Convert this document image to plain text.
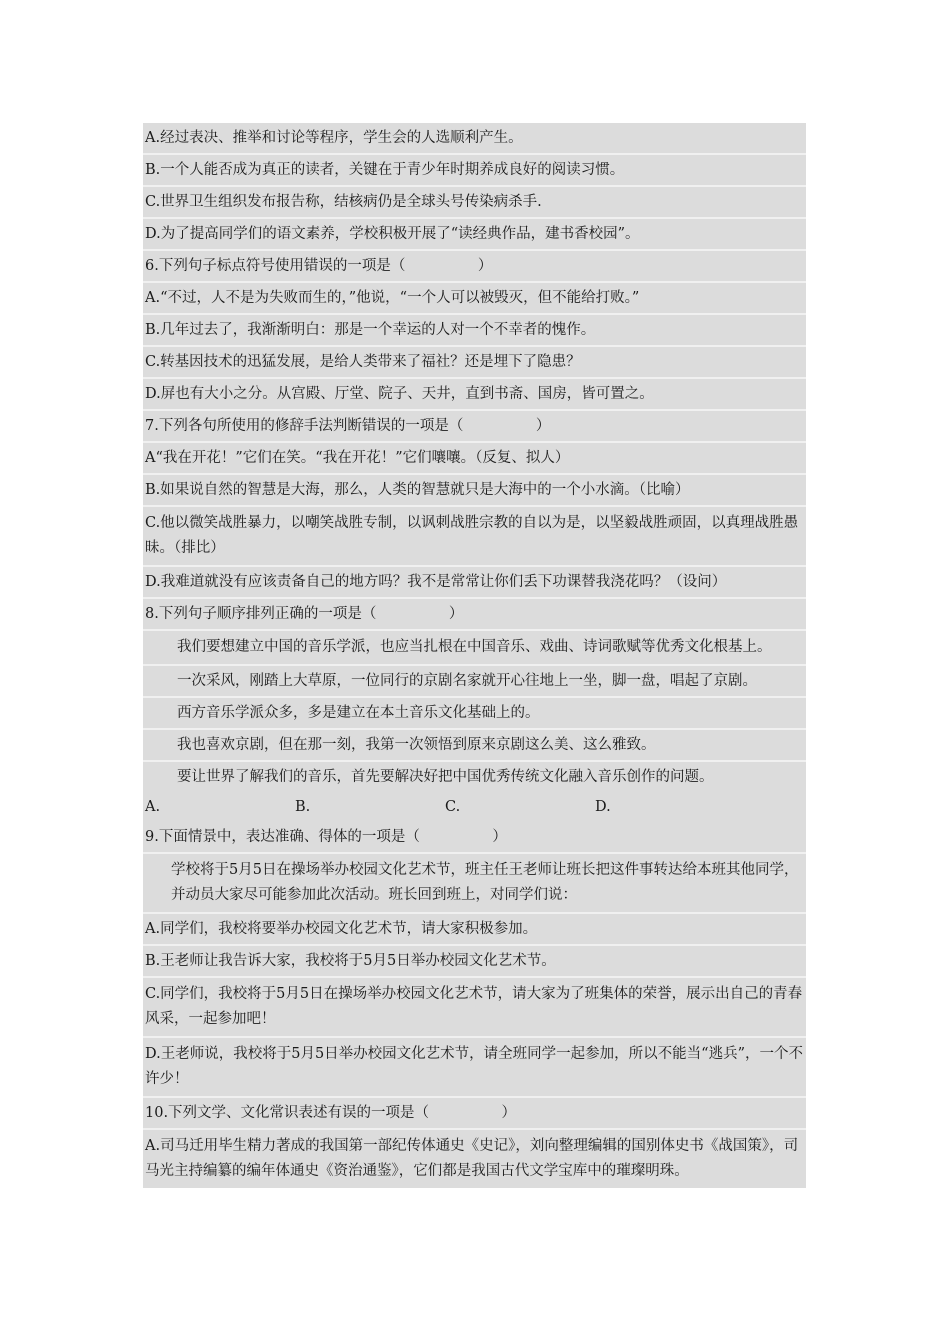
A.经过表决、推举和讨论等程序，学生会的人选顺利产生。
B.一个人能否成为真正的读者，关键在于青少年时期养成良好的阅读习惯。
C.世界卫生组织发布报告称，结核病仍是全球头号传染病杀手.
D.为了提高同学们的语文素养，学校积极开展了“读经典作品，建书香校园”。
6.下列句子标点符号使用错误的一项是（　　　　　）
A.“不过，人不是为失败而生的，”他说，“一个人可以被毁灭，但不能给打败。”
B.几年过去了，我渐渐明白：那是一个幸运的人对一个不幸者的愧作。
C.转基因技术的迅猛发展，是给人类带来了福社？还是埋下了隐患？
D.屏也有大小之分。从宫殿、厅堂、院子、天井，直到书斋、国房，皆可置之。
7.下列各句所使用的修辞手法判断错误的一项是（　　　　　）
A“我在开花！”它们在笑。“我在开花！”它们嚷嚷。（反复、拟人）
B.如果说自然的智慧是大海，那么，人类的智慧就只是大海中的一个小水滴。（比喻）
C.他以微笑战胜暴力，以嘲笑战胜专制，以讽刺战胜宗教的自以为是，以坚毅战胜顽固，以真理战胜愚昧。（排比）
D.我难道就没有应该责备自己的地方吗？我不是常常让你们丢下功课替我浇花吗？（设问）
8.下列句子顺序排列正确的一项是（　　　　　）
我们要想建立中国的音乐学派，也应当扎根在中国音乐、戏曲、诗词歌赋等优秀文化根基上。
一次采风，刚踏上大草原，一位同行的京剧名家就开心往地上一坐，脚一盘，唱起了京剧。
西方音乐学派众多，多是建立在本土音乐文化基础上的。
我也喜欢京剧，但在那一刻，我第一次领悟到原来京剧这么美、这么雅致。
要让世界了解我们的音乐，首先要解决好把中国优秀传统文化融入音乐创作的问题。
A.	B.	C.	D.
9.下面情景中，表达准确、得体的一项是（　　　　　）
学校将于5月5日在操场举办校园文化艺术节，班主任王老师让班长把这件事转达给本班其他同学，并动员大家尽可能参加此次活动。班长回到班上，对同学们说：
A.同学们，我校将要举办校园文化艺术节，请大家积极参加。
B.王老师让我告诉大家，我校将于5月5日举办校园文化艺术节。
C.同学们，我校将于5月5日在操场举办校园文化艺术节，请大家为了班集体的荣誉，展示出自己的青春风采，一起参加吧！
D.王老师说，我校将于5月5日举办校园文化艺术节，请全班同学一起参加，所以不能当“逃兵”，一个不许少！
10.下列文学、文化常识表述有误的一项是（　　　　　）
A.司马迁用毕生精力著成的我国第一部纪传体通史《史记》，刘向整理编辑的国别体史书《战国策》，司马光主持编纂的编年体通史《资治通鉴》，它们都是我国古代文学宝库中的璀璨明珠。
